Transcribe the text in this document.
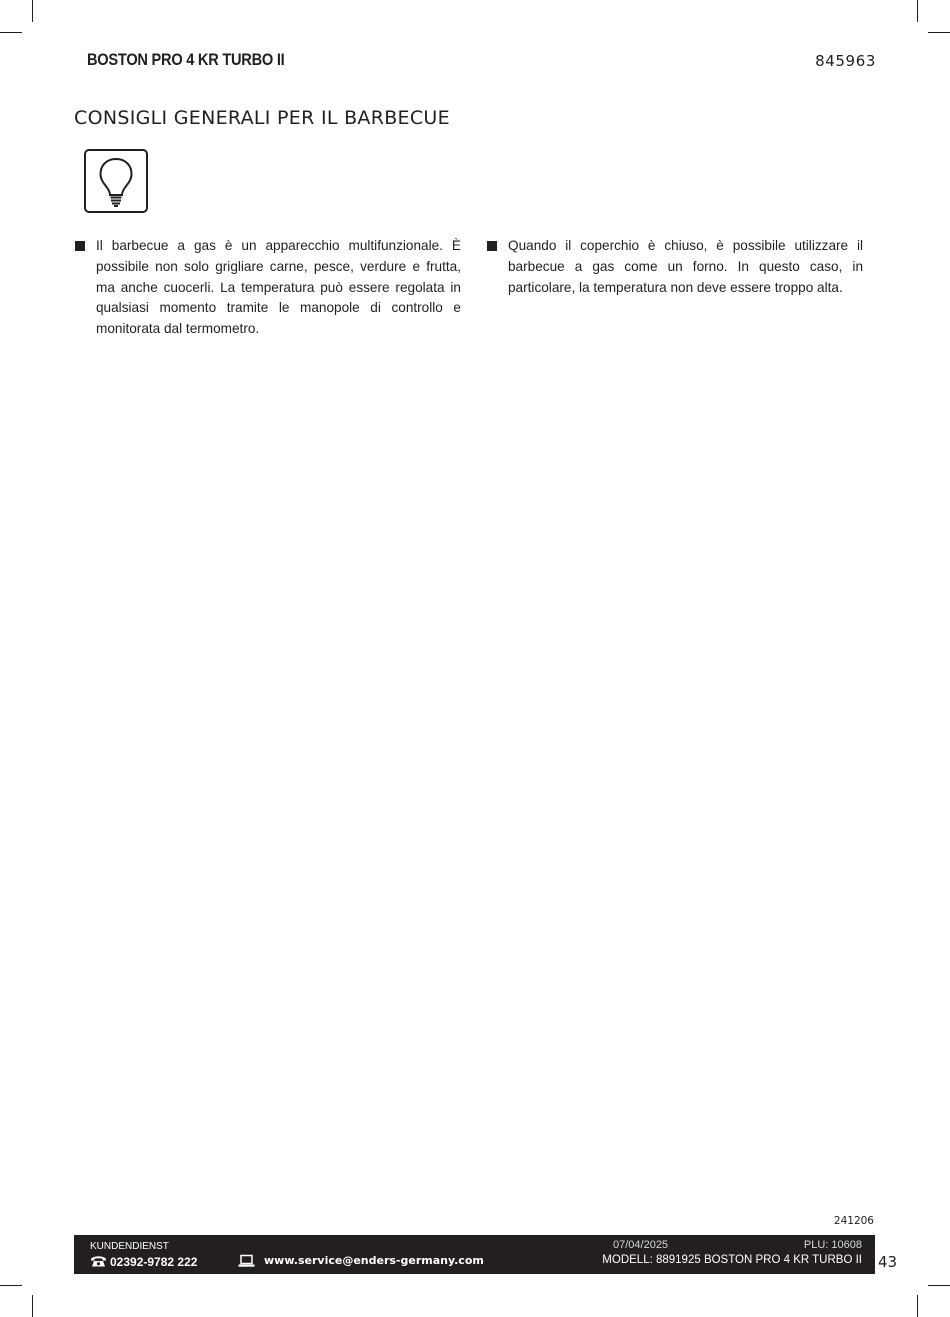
BOSTON PRO 4 KR TURBO II	845963
CONSIGLI GENERALI PER IL BARBECUE

Il barbecue a gas è un apparecchio multifunzionale. È possibile non solo grigliare carne, pesce, verdure e frutta, ma anche cuocerli. La temperatura può essere regolata in qualsiasi momento tramite le manopole di controllo e monitorata dal termometro.

Quando il coperchio è chiuso, è possibile utilizzare il barbecue a gas come un forno. In questo caso, in particolare, la temperatura non deve essere troppo alta.

241206
KUNDENDIENST
02392-9782 222	www.service@enders-germany.com
07/04/2025	PLU: 10608
MODELL: 8891925 BOSTON PRO 4 KR TURBO II 43
